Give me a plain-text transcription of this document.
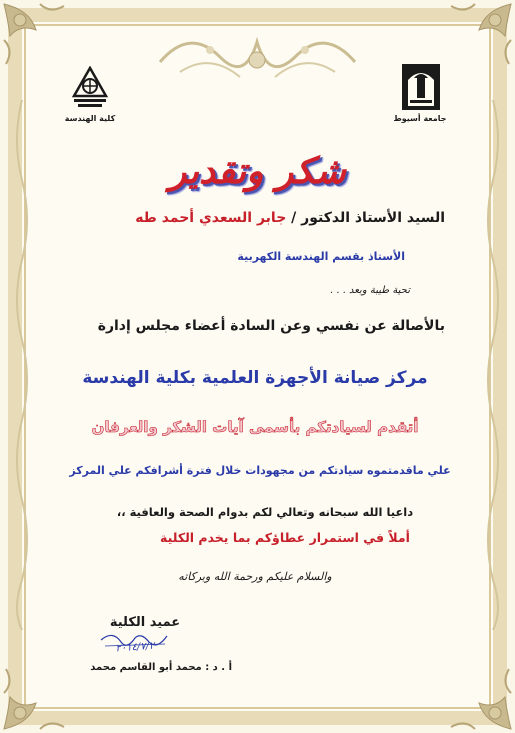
جامعة أسيوط
كلية الهندسة
شكر وتقدير
السيد الأستاذ الدكتور / جابر السعدي أحمد طه
الأستاذ بقسم الهندسة الكهربية
تحية طيبة وبعد . . .
بالأصالة عن نفسي وعن السادة أعضاء مجلس إدارة
مركز صيانة الأجهزة العلمية بكلية الهندسة
أتقدم لسيادتكم بأسمى آيات الشكر والعرفان
علي ماقدمتموه سيادتكم من مجهودات خلال فترة أشرافكم علي المركز
داعيا الله سبحانه وتعالي لكم بدوام الصحة والعافية ،،
أملاً في استمرار عطاؤكم بما يخدم الكلية
والسلام عليكم ورحمة الله وبركاته
عميد الكلية
٢٠١٤/٧/٢
أ . د : محمد أبو القاسم محمد
